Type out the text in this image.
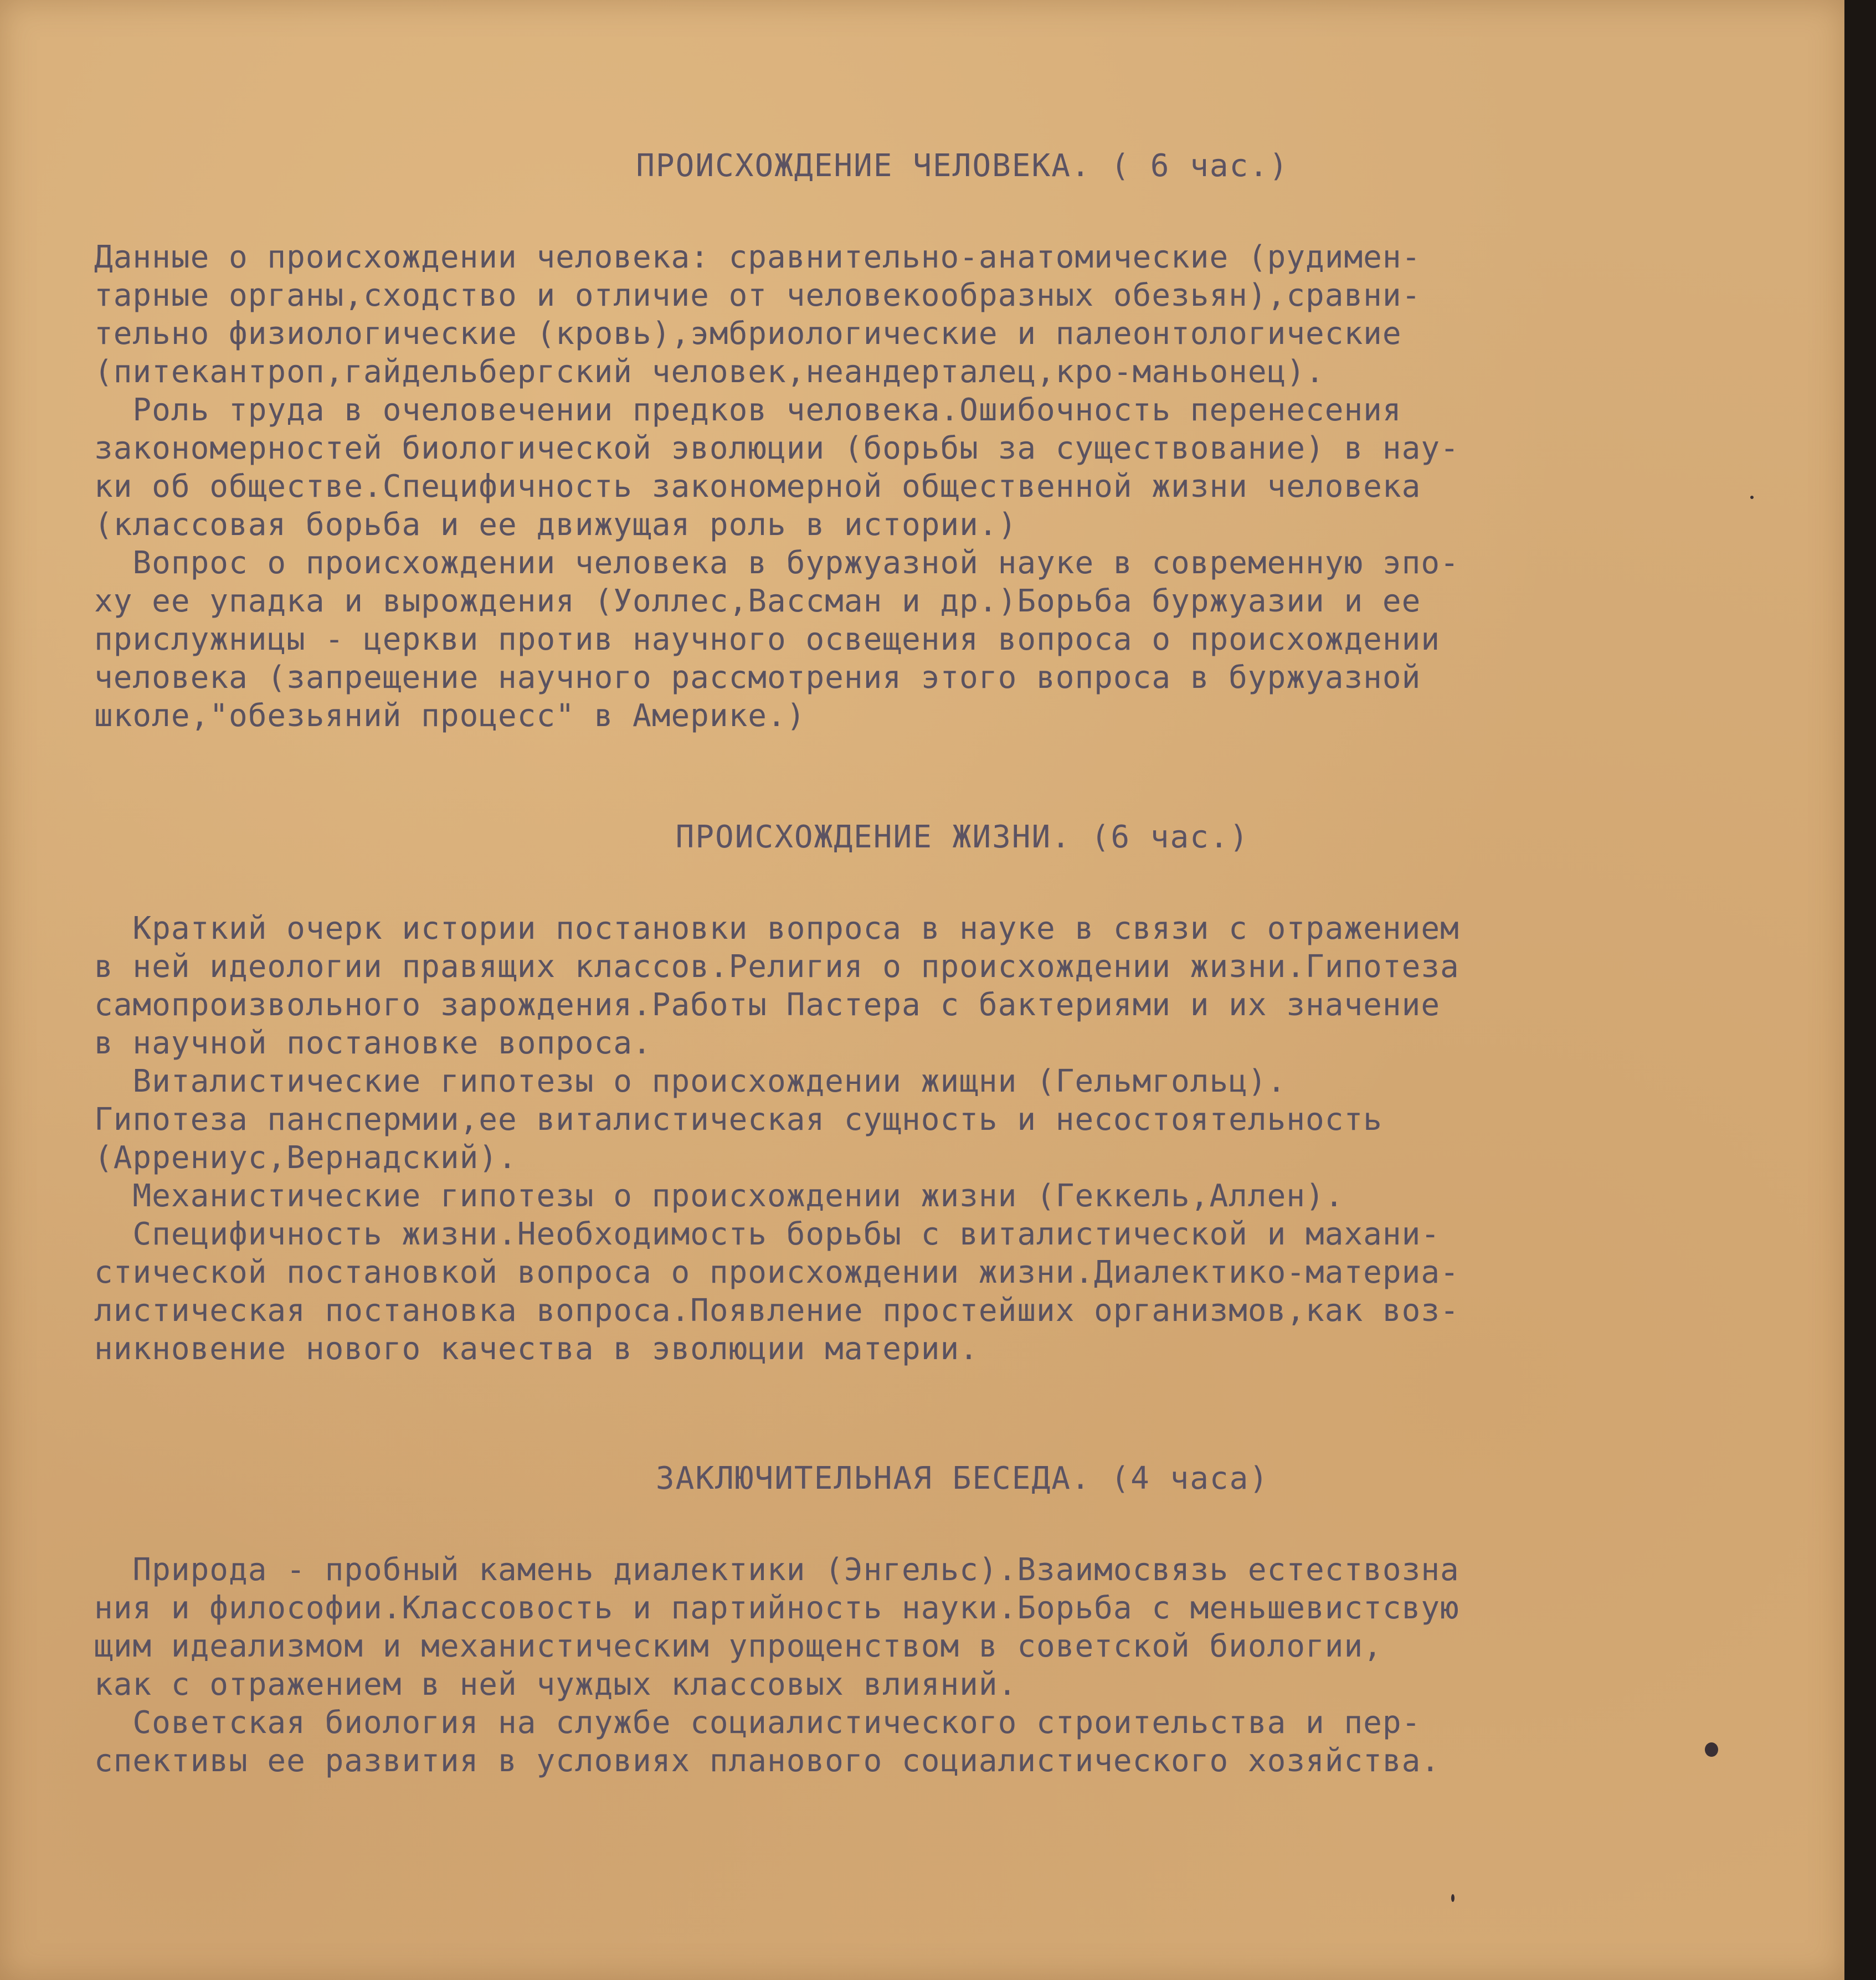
ПРОИСХОЖДЕНИЕ ЧЕЛОВЕКА. ( 6 час.)

Данные о происхождении человека: сравнительно-анатомические (рудимен-
тарные органы,сходство и отличие от человекообразных обезьян),сравни-
тельно физиологические (кровь),эмбриологические и палеонтологические
(питекантроп,гайдельбергский человек,неандерталец,кро-маньонец).

Роль труда в очеловечении предков человека.Ошибочность перенесения
закономерностей биологической эволюции (борьбы за существование) в нау-
ки об обществе.Специфичность закономерной общественной жизни человека
(классовая борьба и ее движущая роль в истории.)

Вопрос о происхождении человека в буржуазной науке в современную эпо-
ху ее упадка и вырождения (Уоллес,Вассман и др.)Борьба буржуазии и ее
прислужницы - церкви против научного освещения вопроса о происхождении
человека (запрещение научного рассмотрения этого вопроса в буржуазной
школе,"обезьяний процесс" в Америке.)

ПРОИСХОЖДЕНИЕ ЖИЗНИ. (6 час.)

Краткий очерк истории постановки вопроса в науке в связи с отражением
в ней идеологии правящих классов.Религия о происхождении жизни.Гипотеза
самопроизвольного зарождения.Работы Пастера с бактериями и их значение
в научной постановке вопроса.

Виталистические гипотезы о происхождении жищни (Гельмгольц).
Гипотеза панспермии,ее виталистическая сущность и несостоятельность
(Аррениус,Вернадский).

Механистические гипотезы о происхождении жизни (Геккель,Аллен).

Специфичность жизни.Необходимость борьбы с виталистической и махани-
стической постановкой вопроса о происхождении жизни.Диалектико-материа-
листическая постановка вопроса.Появление простейших организмов,как воз-
никновение нового качества в эволюции материи.

ЗАКЛЮЧИТЕЛЬНАЯ БЕСЕДА. (4 часа)

Природа - пробный камень диалектики (Энгельс).Взаимосвязь естествозна
ния и философии.Классовость и партийность науки.Борьба с меньшевистсвую
щим идеализмом и механистическим упрощенством в советской биологии,
как с отражением в ней чуждых классовых влияний.

Советская биология на службе социалистического строительства и пер-
спективы ее развития в условиях планового социалистического хозяйства.
